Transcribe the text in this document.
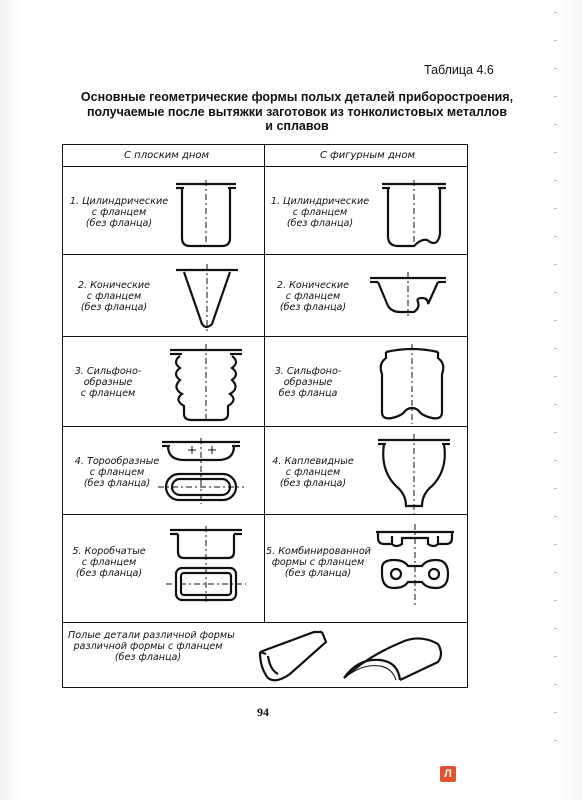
Таблица 4.6
Основные геометрические формы полых деталей приборостроения,
получаемые после вытяжки заготовок из тонколистовых металлов
и сплавов
С плоским дном	С фигурным дном
1. Цилиндрические
с фланцем
(без фланца)
1. Цилиндрические
с фланцем
(без фланца)
2. Конические
с фланцем
(без фланца)
2. Конические
с фланцем
(без фланца)
3. Сильфоно-
образные
с фланцем
3. Сильфоно-
образные
без фланца
4. Торообразные
с фланцем
(без фланца)
4. Каплевидные
с фланцем
(без фланца)
5. Коробчатые
с фланцем
(без фланца)
5. Комбинированной
формы с фланцем
(без фланца)
Полые детали различной формы
различной формы с фланцем
(без фланца)
94
Л
